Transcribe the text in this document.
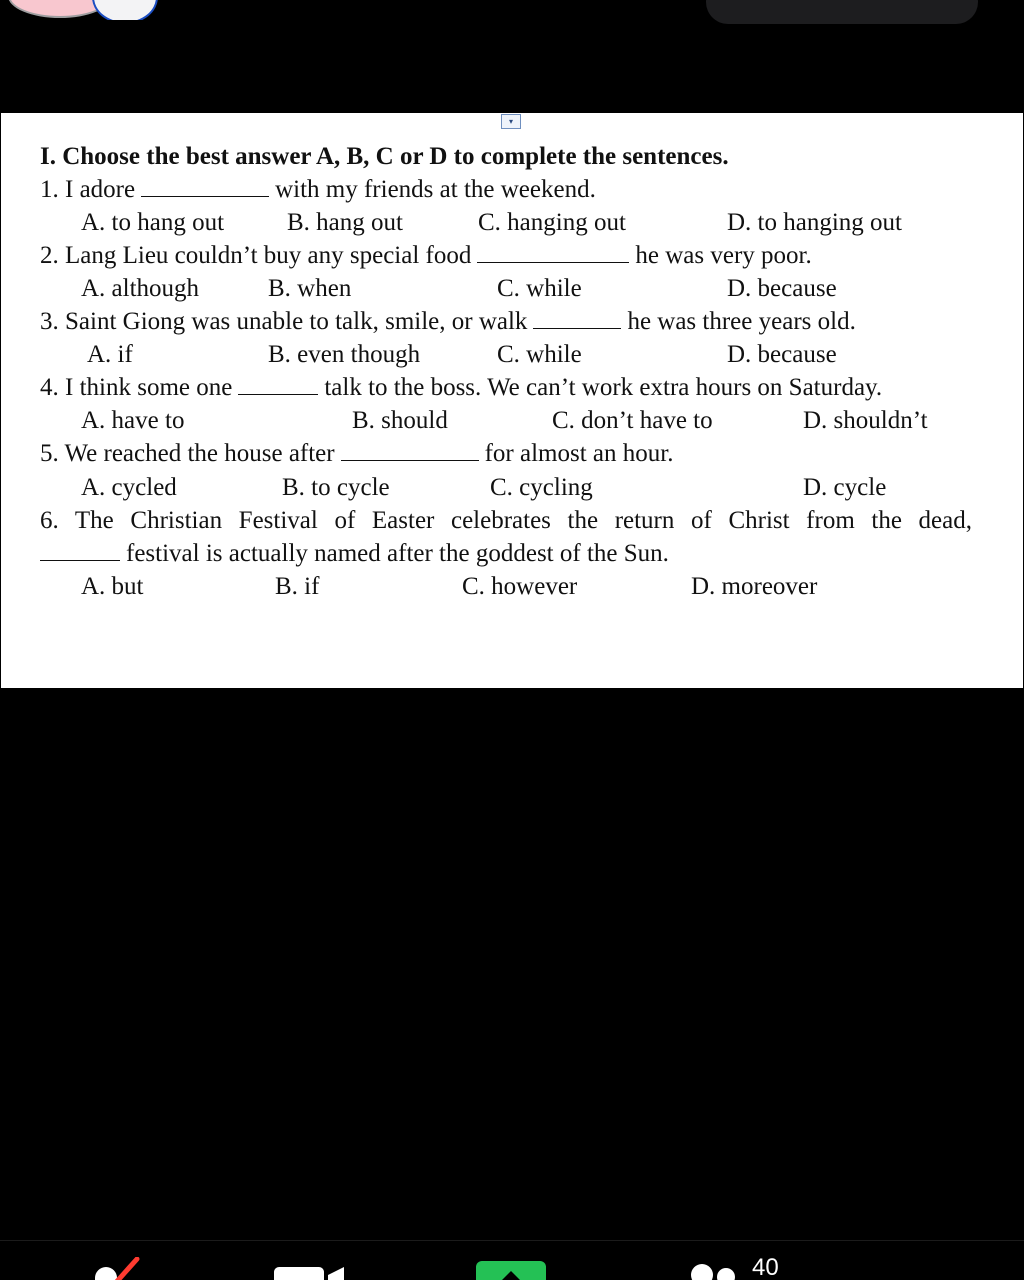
▾
I. Choose the best answer A, B, C or D to complete the sentences.
1. I adore	with my friends at the weekend.
A. to hang out	B. hang out	C. hanging out	D. to hanging out
2. Lang Lieu couldn’t buy any special food	he was very poor.
A. although	B. when	C. while	D. because
3. Saint Giong was unable to talk, smile, or walk	he was three years old.
A. if	B. even though	C. while	D. because
4. I think some one	talk to the boss. We can’t work extra hours on Saturday.
A. have to	B. should	C. don’t have to	D. shouldn’t
5. We reached the house after	for almost an hour.
A. cycled	B. to cycle	C. cycling	D. cycle
6. The Christian Festival of Easter celebrates the return of Christ from the dead,
festival is actually named after the goddest of the Sun.
A. but	B. if	C. however	D. moreover
40
